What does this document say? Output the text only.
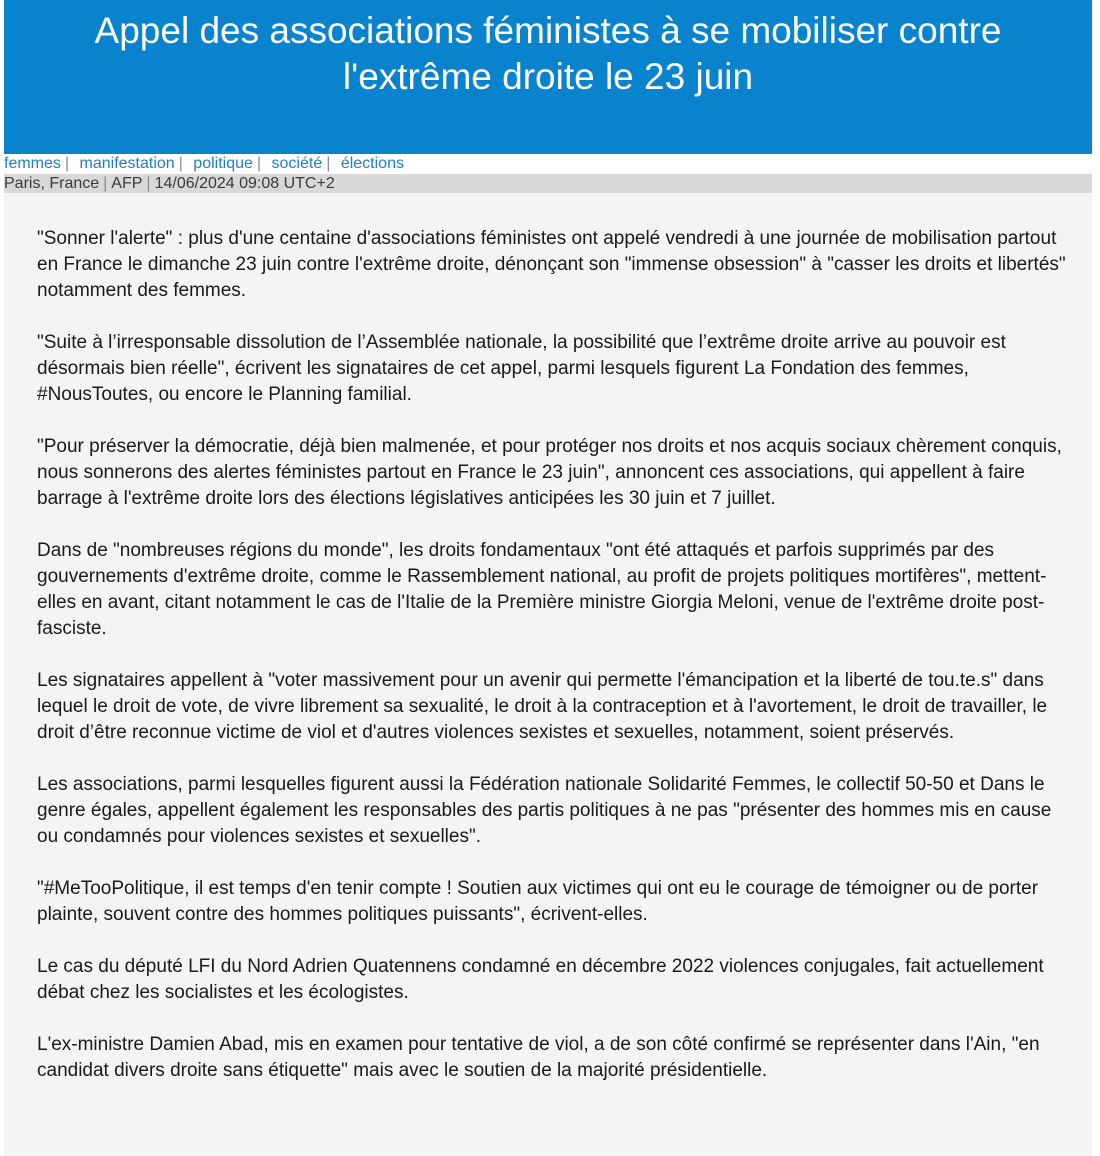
Appel des associations féministes à se mobiliser contre
l'extrême droite le 23 juin
femmes | manifestation | politique | société | élections
Paris, France | AFP | 14/06/2024 09:08 UTC+2

"Sonner l'alerte" : plus d'une centaine d'associations féministes ont appelé vendredi à une journée de mobilisation partout en France le dimanche 23 juin contre l'extrême droite, dénonçant son "immense obsession" à "casser les droits et libertés" notamment des femmes.

"Suite à l’irresponsable dissolution de l’Assemblée nationale, la possibilité que l’extrême droite arrive au pouvoir est désormais bien réelle", écrivent les signataires de cet appel, parmi lesquels figurent La Fondation des femmes, #NousToutes, ou encore le Planning familial.

"Pour préserver la démocratie, déjà bien malmenée, et pour protéger nos droits et nos acquis sociaux chèrement conquis, nous sonnerons des alertes féministes partout en France le 23 juin", annoncent ces associations, qui appellent à faire barrage à l'extrême droite lors des élections législatives anticipées les 30 juin et 7 juillet.

Dans de "nombreuses régions du monde", les droits fondamentaux "ont été attaqués et parfois supprimés par des gouvernements d'extrême droite, comme le Rassemblement national, au profit de projets politiques mortifères", mettent-elles en avant, citant notamment le cas de l'Italie de la Première ministre Giorgia Meloni, venue de l'extrême droite post-fasciste.

Les signataires appellent à "voter massivement pour un avenir qui permette l'émancipation et la liberté de tou.te.s" dans lequel le droit de vote, de vivre librement sa sexualité, le droit à la contraception et à l'avortement, le droit de travailler, le droit d’être reconnue victime de viol et d'autres violences sexistes et sexuelles, notamment, soient préservés.

Les associations, parmi lesquelles figurent aussi la Fédération nationale Solidarité Femmes, le collectif 50-50 et Dans le genre égales, appellent également les responsables des partis politiques à ne pas "présenter des hommes mis en cause ou condamnés pour violences sexistes et sexuelles".

"#MeTooPolitique, il est temps d'en tenir compte ! Soutien aux victimes qui ont eu le courage de témoigner ou de porter plainte, souvent contre des hommes politiques puissants", écrivent-elles.

Le cas du député LFI du Nord Adrien Quatennens condamné en décembre 2022 violences conjugales, fait actuellement débat chez les socialistes et les écologistes.

L'ex-ministre Damien Abad, mis en examen pour tentative de viol, a de son côté confirmé se représenter dans l'Ain, "en candidat divers droite sans étiquette" mais avec le soutien de la majorité présidentielle.
